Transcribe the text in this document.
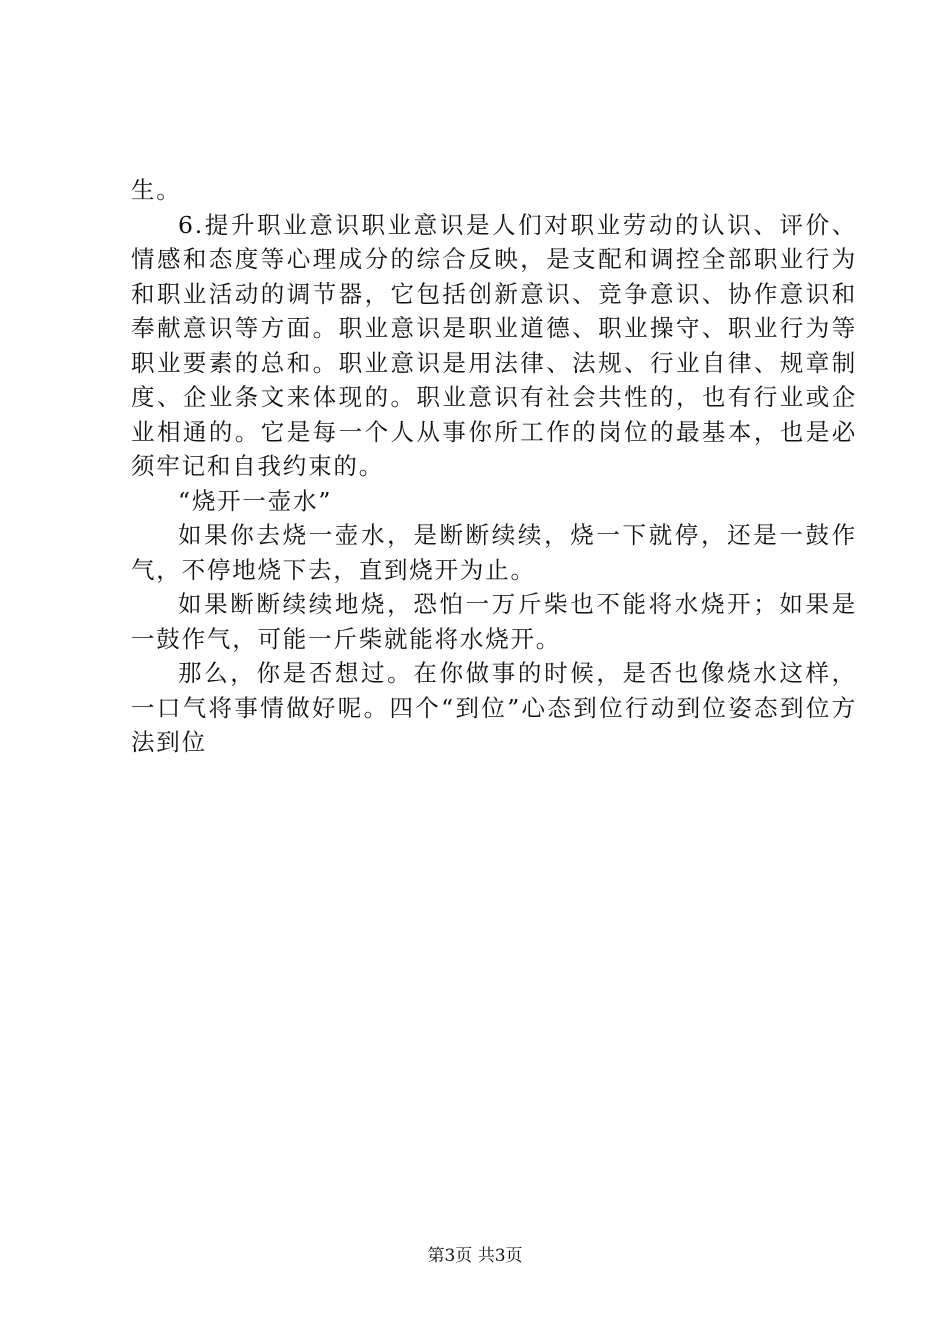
生。

6.提升职业意识职业意识是人们对职业劳动的认识、评价、情感和态度等心理成分的综合反映，是支配和调控全部职业行为和职业活动的调节器，它包括创新意识、竞争意识、协作意识和奉献意识等方面。职业意识是职业道德、职业操守、职业行为等职业要素的总和。职业意识是用法律、法规、行业自律、规章制度、企业条文来体现的。职业意识有社会共性的，也有行业或企业相通的。它是每一个人从事你所工作的岗位的最基本，也是必须牢记和自我约束的。

“烧开一壶水”

如果你去烧一壶水，是断断续续，烧一下就停，还是一鼓作气，不停地烧下去，直到烧开为止。

如果断断续续地烧，恐怕一万斤柴也不能将水烧开；如果是一鼓作气，可能一斤柴就能将水烧开。

那么，你是否想过。在你做事的时候，是否也像烧水这样，一口气将事情做好呢。四个“到位”心态到位行动到位姿态到位方法到位

第3页 共3页
